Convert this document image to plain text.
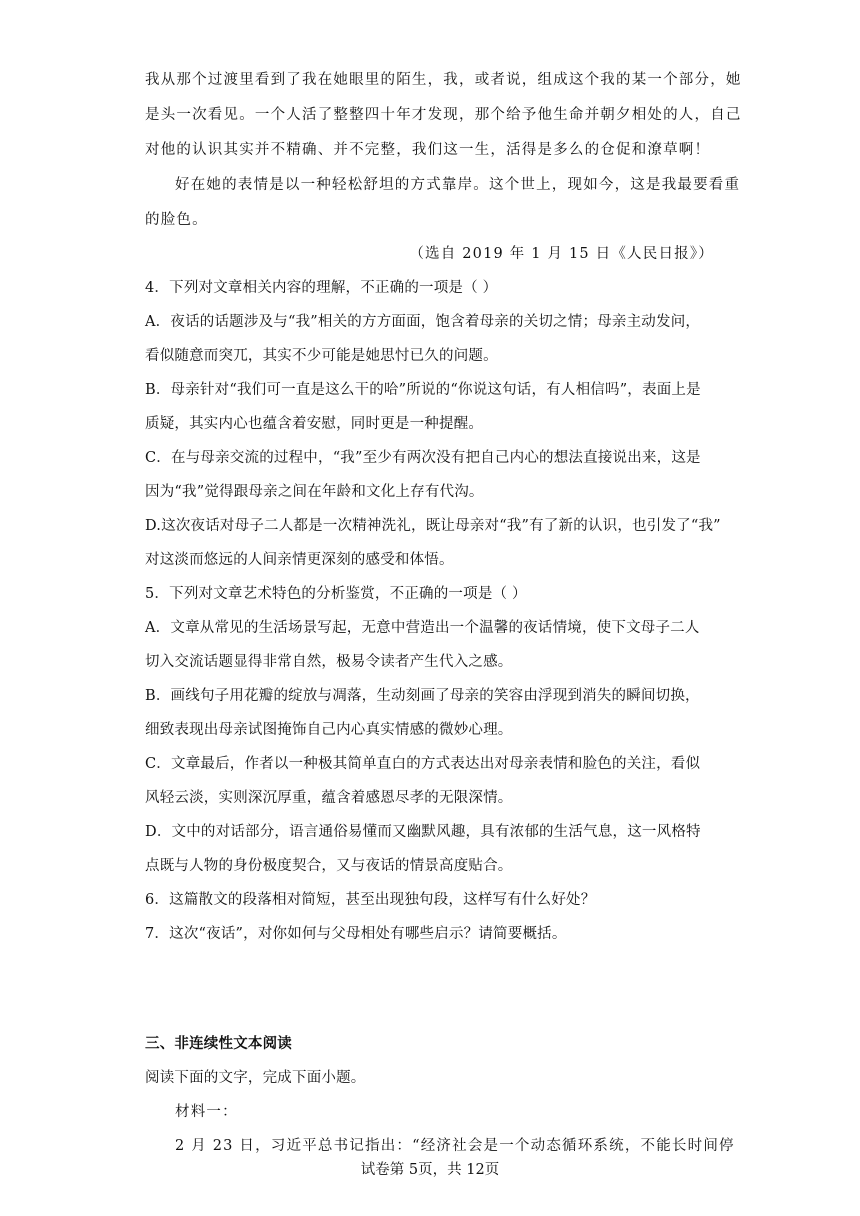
我从那个过渡里看到了我在她眼里的陌生，我，或者说，组成这个我的某一个部分，她
是头一次看见。一个人活了整整四十年才发现，那个给予他生命并朝夕相处的人，自己
对他的认识其实并不精确、并不完整，我们这一生，活得是多么的仓促和潦草啊！
好在她的表情是以一种轻松舒坦的方式靠岸。这个世上，现如今，这是我最要看重
的脸色。
（选自 2019 年 1 月 15 日《人民日报》）
4．下列对文章相关内容的理解，不正确的一项是（ ）
A．夜话的话题涉及与“我”相关的方方面面，饱含着母亲的关切之情；母亲主动发问，
看似随意而突兀，其实不少可能是她思忖已久的问题。
B．母亲针对“我们可一直是这么干的哈”所说的“你说这句话，有人相信吗”，表面上是
质疑，其实内心也蕴含着安慰，同时更是一种提醒。
C．在与母亲交流的过程中，“我”至少有两次没有把自己内心的想法直接说出来，这是
因为“我”觉得跟母亲之间在年龄和文化上存有代沟。
D.这次夜话对母子二人都是一次精神洗礼，既让母亲对“我”有了新的认识，也引发了“我”
对这淡而悠远的人间亲情更深刻的感受和体悟。
5．下列对文章艺术特色的分析鉴赏，不正确的一项是（ ）
A．文章从常见的生活场景写起，无意中营造出一个温馨的夜话情境，使下文母子二人
切入交流话题显得非常自然，极易令读者产生代入之感。
B．画线句子用花瓣的绽放与凋落，生动刻画了母亲的笑容由浮现到消失的瞬间切换，
细致表现出母亲试图掩饰自己内心真实情感的微妙心理。
C．文章最后，作者以一种极其简单直白的方式表达出对母亲表情和脸色的关注，看似
风轻云淡，实则深沉厚重，蕴含着感恩尽孝的无限深情。
D．文中的对话部分，语言通俗易懂而又幽默风趣，具有浓郁的生活气息，这一风格特
点既与人物的身份极度契合，又与夜话的情景高度贴合。
6．这篇散文的段落相对简短，甚至出现独句段，这样写有什么好处？
7．这次“夜话”，对你如何与父母相处有哪些启示？请简要概括。
三、非连续性文本阅读
阅读下面的文字，完成下面小题。
材料一：
2 月 23 日，习近平总书记指出：“经济社会是一个动态循环系统，不能长时间停
试卷第 5页，共 12页
